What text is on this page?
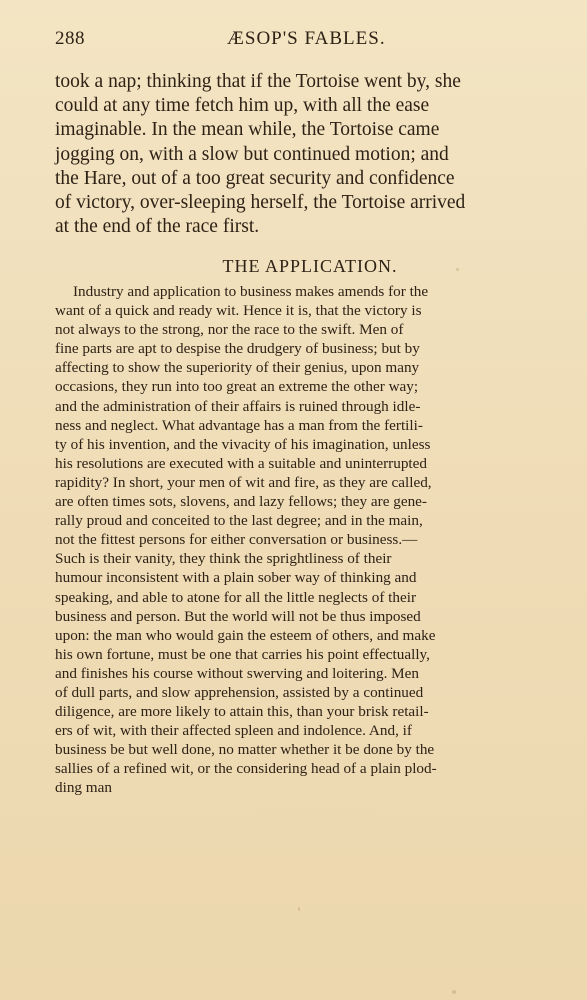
288	ÆSOP'S FABLES.
took a nap; thinking that if the Tortoise went by, she
could at any time fetch him up, with all the ease
imaginable. In the mean while, the Tortoise came
jogging on, with a slow but continued motion; and
the Hare, out of a too great security and confidence
of victory, over-sleeping herself, the Tortoise arrived
at the end of the race first.
THE APPLICATION.
Industry and application to business makes amends for the
want of a quick and ready wit. Hence it is, that the victory is
not always to the strong, nor the race to the swift. Men of
fine parts are apt to despise the drudgery of business; but by
affecting to show the superiority of their genius, upon many
occasions, they run into too great an extreme the other way;
and the administration of their affairs is ruined through idle-
ness and neglect. What advantage has a man from the fertili-
ty of his invention, and the vivacity of his imagination, unless
his resolutions are executed with a suitable and uninterrupted
rapidity? In short, your men of wit and fire, as they are called,
are often times sots, slovens, and lazy fellows; they are gene-
rally proud and conceited to the last degree; and in the main,
not the fittest persons for either conversation or business.—
Such is their vanity, they think the sprightliness of their
humour inconsistent with a plain sober way of thinking and
speaking, and able to atone for all the little neglects of their
business and person. But the world will not be thus imposed
upon: the man who would gain the esteem of others, and make
his own fortune, must be one that carries his point effectually,
and finishes his course without swerving and loitering. Men
of dull parts, and slow apprehension, assisted by a continued
diligence, are more likely to attain this, than your brisk retail-
ers of wit, with their affected spleen and indolence. And, if
business be but well done, no matter whether it be done by the
sallies of a refined wit, or the considering head of a plain plod-
ding man
